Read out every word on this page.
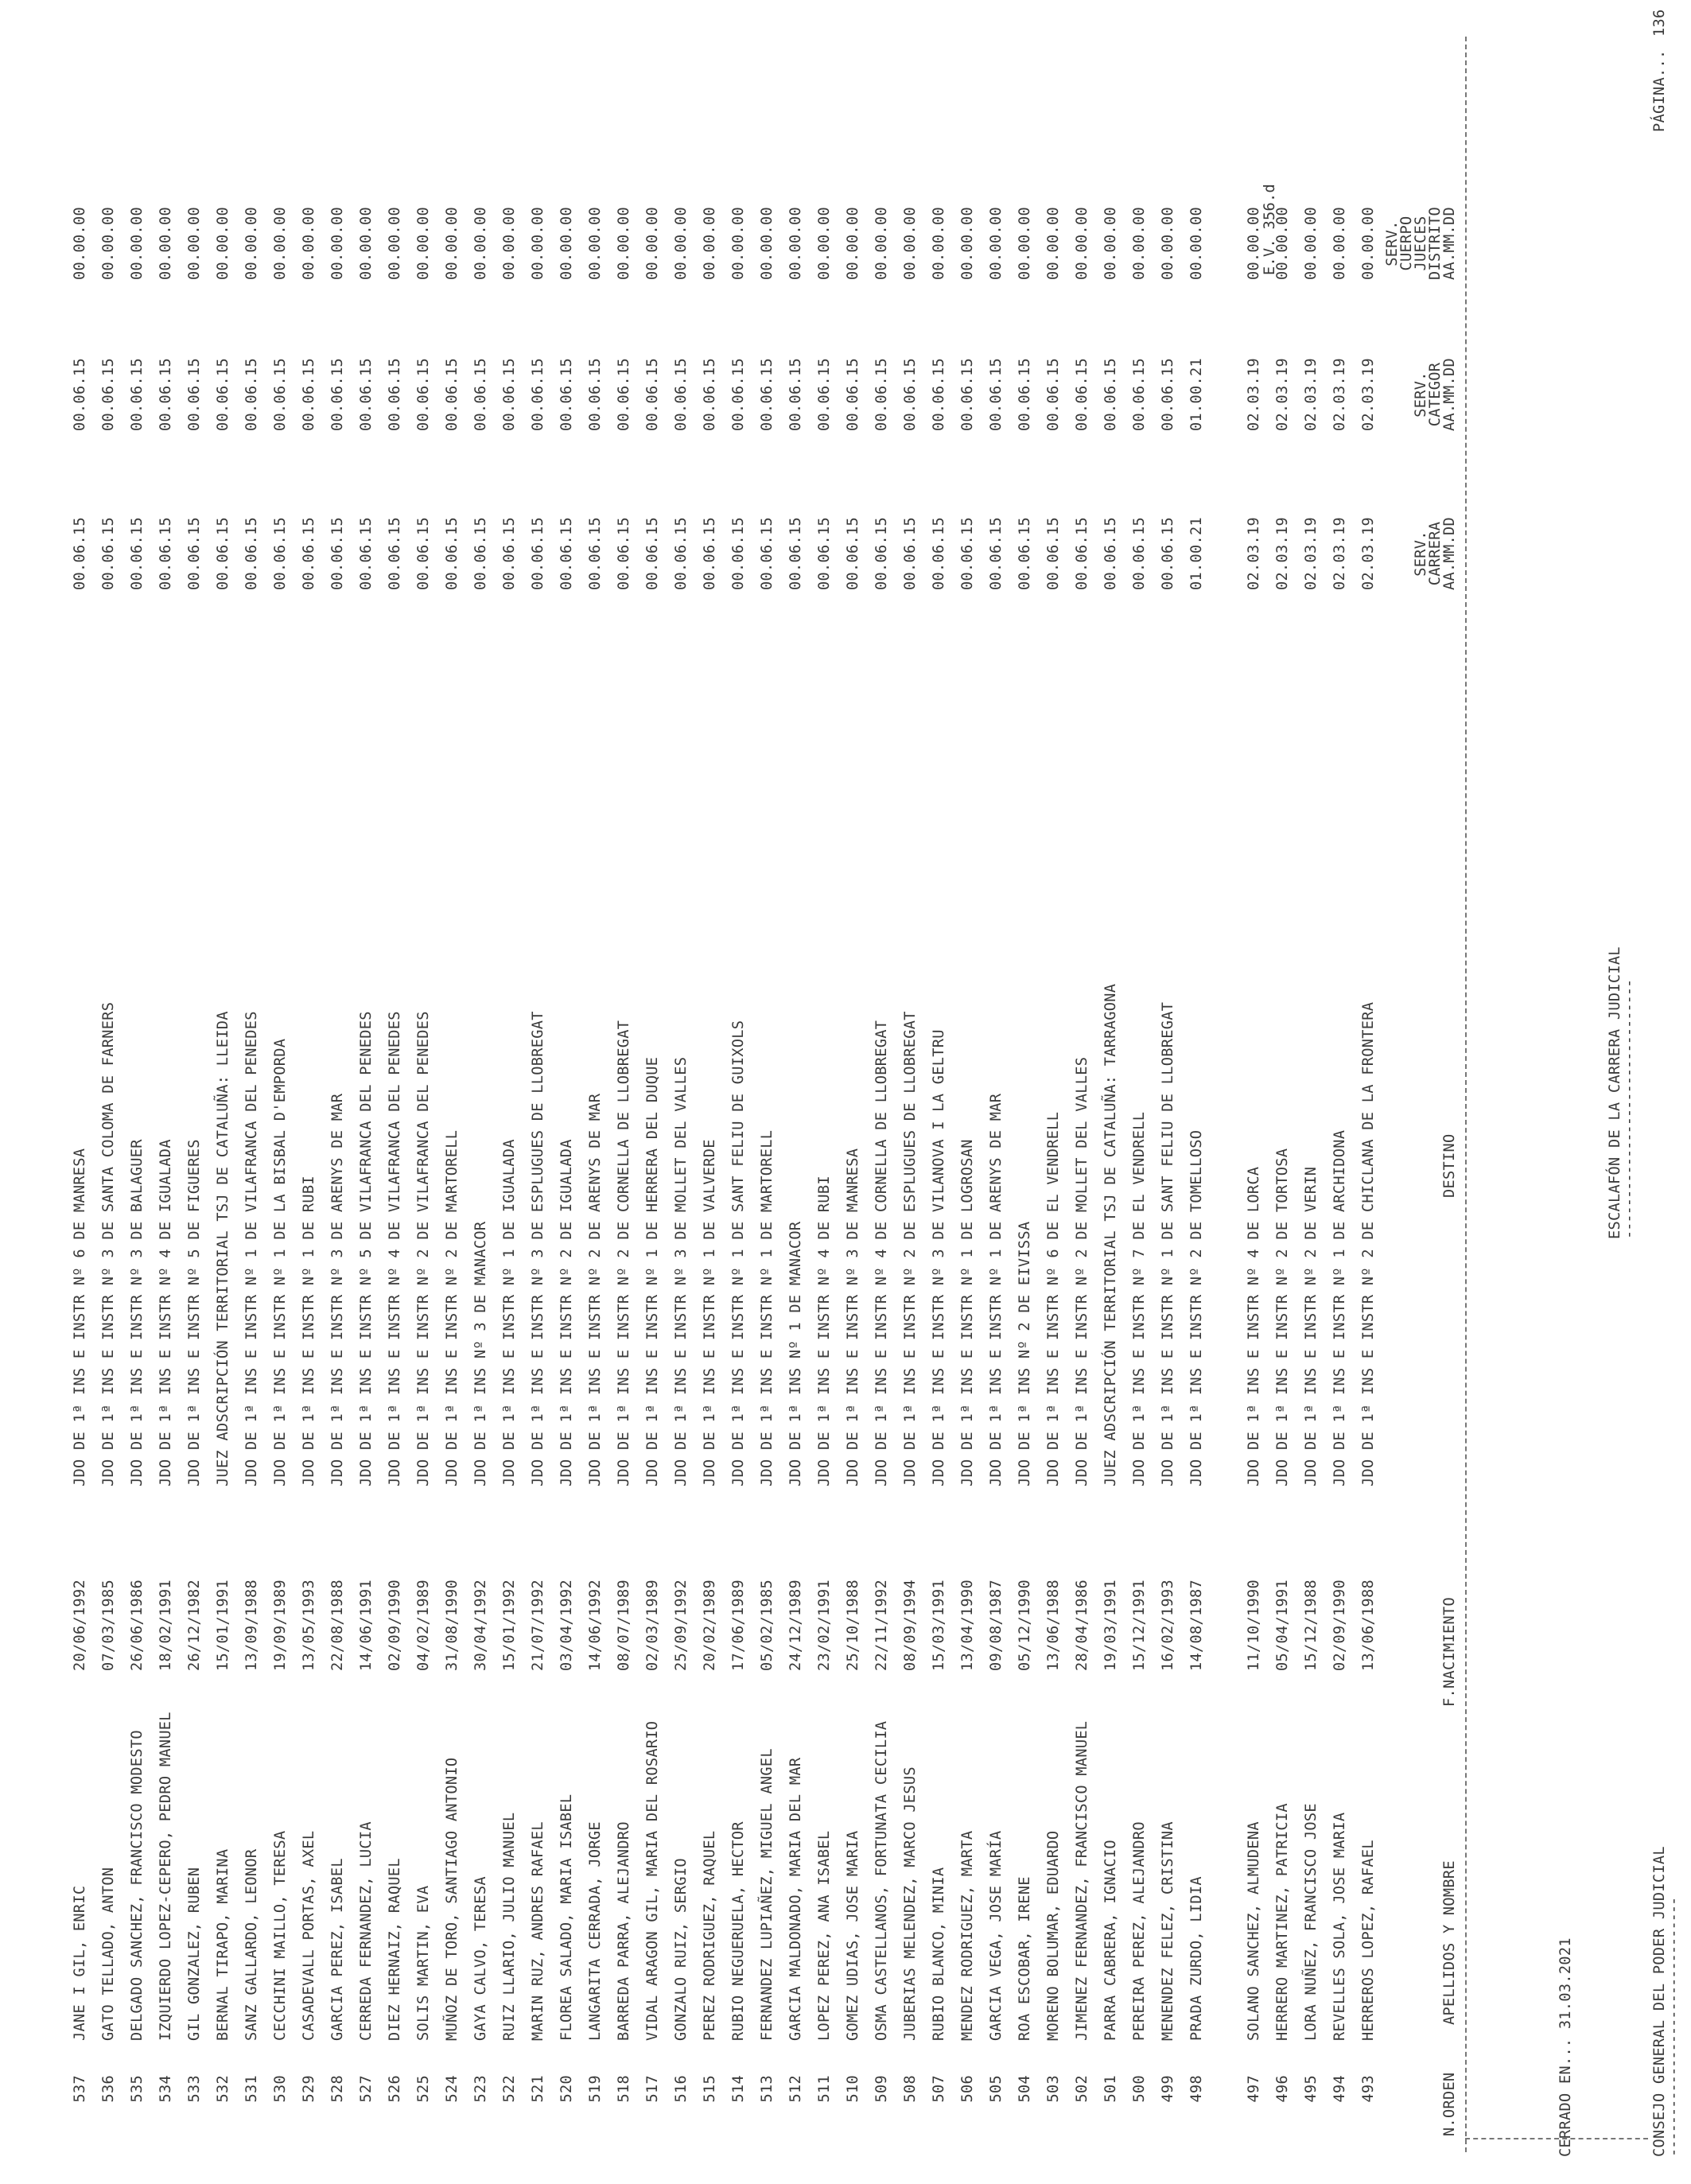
CONSEJO GENERAL DEL PODER JUDICIAL
--------------------------------
ESCALAFÓN DE LA CARRERA JUDICIAL
--------------------------------
PÁGINA...
136
CERRADO EN... 31.03.2021
N.ORDEN
APELLIDOS Y NOMBRE
F.NACIMIENTO
DESTINO
SERV.
CARRERA
AA.MM.DD
SERV.
CATEGOR
AA.MM.DD
SERV.
CUERPO
JUECES
DISTRITO
AA.MM.DD
493
HERREROS LOPEZ, RAFAEL
13/06/1988
JDO DE 1ª INS E INSTR Nº 2 DE CHICLANA DE LA FRONTERA
02.03.19
02.03.19
00.00.00
494
REVELLES SOLA, JOSE MARIA
02/09/1990
JDO DE 1ª INS E INSTR Nº 1 DE ARCHIDONA
02.03.19
02.03.19
00.00.00
495
LORA NUÑEZ, FRANCISCO JOSE
15/12/1988
JDO DE 1ª INS E INSTR Nº 2 DE VERIN
02.03.19
02.03.19
00.00.00
496
HERRERO MARTINEZ, PATRICIA
05/04/1991
JDO DE 1ª INS E INSTR Nº 2 DE TORTOSA
02.03.19
02.03.19
00.00.00
497
SOLANO SANCHEZ, ALMUDENA
11/10/1990
JDO DE 1ª INS E INSTR Nº 4 DE LORCA
02.03.19
02.03.19
00.00.00 E.V. 356.d
498
PRADA ZURDO, LIDIA
14/08/1987
JDO DE 1ª INS E INSTR Nº 2 DE TOMELLOSO
01.00.21
01.00.21
00.00.00
499
MENENDEZ FELEZ, CRISTINA
16/02/1993
JDO DE 1ª INS E INSTR Nº 1 DE SANT FELIU DE LLOBREGAT
00.06.15
00.06.15
00.00.00
500
PEREIRA PEREZ, ALEJANDRO
15/12/1991
JDO DE 1ª INS E INSTR Nº 7 DE EL VENDRELL
00.06.15
00.06.15
00.00.00
501
PARRA CABRERA, IGNACIO
19/03/1991
JUEZ ADSCRIPCIÓN TERRITORIAL TSJ DE CATALUÑA: TARRAGONA
00.06.15
00.06.15
00.00.00
502
JIMENEZ FERNANDEZ, FRANCISCO MANUEL
28/04/1986
JDO DE 1ª INS E INSTR Nº 2 DE MOLLET DEL VALLES
00.06.15
00.06.15
00.00.00
503
MORENO BOLUMAR, EDUARDO
13/06/1988
JDO DE 1ª INS E INSTR Nº 6 DE EL VENDRELL
00.06.15
00.06.15
00.00.00
504
ROA ESCOBAR, IRENE
05/12/1990
JDO DE 1ª INS Nº 2 DE EIVISSA
00.06.15
00.06.15
00.00.00
505
GARCIA VEGA, JOSE MARÍA
09/08/1987
JDO DE 1ª INS E INSTR Nº 1 DE ARENYS DE MAR
00.06.15
00.06.15
00.00.00
506
MENDEZ RODRIGUEZ, MARTA
13/04/1990
JDO DE 1ª INS E INSTR Nº 1 DE LOGROSAN
00.06.15
00.06.15
00.00.00
507
RUBIO BLANCO, MINIA
15/03/1991
JDO DE 1ª INS E INSTR Nº 3 DE VILANOVA I LA GELTRU
00.06.15
00.06.15
00.00.00
508
JUBERIAS MELENDEZ, MARCO JESUS
08/09/1994
JDO DE 1ª INS E INSTR Nº 2 DE ESPLUGUES DE LLOBREGAT
00.06.15
00.06.15
00.00.00
509
OSMA CASTELLANOS, FORTUNATA CECILIA
22/11/1992
JDO DE 1ª INS E INSTR Nº 4 DE CORNELLA DE LLOBREGAT
00.06.15
00.06.15
00.00.00
510
GOMEZ UDIAS, JOSE MARIA
25/10/1988
JDO DE 1ª INS E INSTR Nº 3 DE MANRESA
00.06.15
00.06.15
00.00.00
511
LOPEZ PEREZ, ANA ISABEL
23/02/1991
JDO DE 1ª INS E INSTR Nº 4 DE RUBI
00.06.15
00.06.15
00.00.00
512
GARCIA MALDONADO, MARIA DEL MAR
24/12/1989
JDO DE 1ª INS Nº 1 DE MANACOR
00.06.15
00.06.15
00.00.00
513
FERNANDEZ LUPIAÑEZ, MIGUEL ANGEL
05/02/1985
JDO DE 1ª INS E INSTR Nº 1 DE MARTORELL
00.06.15
00.06.15
00.00.00
514
RUBIO NEGUERUELA, HECTOR
17/06/1989
JDO DE 1ª INS E INSTR Nº 1 DE SANT FELIU DE GUIXOLS
00.06.15
00.06.15
00.00.00
515
PEREZ RODRIGUEZ, RAQUEL
20/02/1989
JDO DE 1ª INS E INSTR Nº 1 DE VALVERDE
00.06.15
00.06.15
00.00.00
516
GONZALO RUIZ, SERGIO
25/09/1992
JDO DE 1ª INS E INSTR Nº 3 DE MOLLET DEL VALLES
00.06.15
00.06.15
00.00.00
517
VIDAL ARAGON GIL, MARIA DEL ROSARIO
02/03/1989
JDO DE 1ª INS E INSTR Nº 1 DE HERRERA DEL DUQUE
00.06.15
00.06.15
00.00.00
518
BARREDA PARRA, ALEJANDRO
08/07/1989
JDO DE 1ª INS E INSTR Nº 2 DE CORNELLA DE LLOBREGAT
00.06.15
00.06.15
00.00.00
519
LANGARITA CERRADA, JORGE
14/06/1992
JDO DE 1ª INS E INSTR Nº 2 DE ARENYS DE MAR
00.06.15
00.06.15
00.00.00
520
FLOREA SALADO, MARIA ISABEL
03/04/1992
JDO DE 1ª INS E INSTR Nº 2 DE IGUALADA
00.06.15
00.06.15
00.00.00
521
MARIN RUZ, ANDRES RAFAEL
21/07/1992
JDO DE 1ª INS E INSTR Nº 3 DE ESPLUGUES DE LLOBREGAT
00.06.15
00.06.15
00.00.00
522
RUIZ LLARIO, JULIO MANUEL
15/01/1992
JDO DE 1ª INS E INSTR Nº 1 DE IGUALADA
00.06.15
00.06.15
00.00.00
523
GAYA CALVO, TERESA
30/04/1992
JDO DE 1ª INS Nº 3 DE MANACOR
00.06.15
00.06.15
00.00.00
524
MUÑOZ DE TORO, SANTIAGO ANTONIO
31/08/1990
JDO DE 1ª INS E INSTR Nº 2 DE MARTORELL
00.06.15
00.06.15
00.00.00
525
SOLIS MARTIN, EVA
04/02/1989
JDO DE 1ª INS E INSTR Nº 2 DE VILAFRANCA DEL PENEDES
00.06.15
00.06.15
00.00.00
526
DIEZ HERNAIZ, RAQUEL
02/09/1990
JDO DE 1ª INS E INSTR Nº 4 DE VILAFRANCA DEL PENEDES
00.06.15
00.06.15
00.00.00
527
CERREDA FERNANDEZ, LUCIA
14/06/1991
JDO DE 1ª INS E INSTR Nº 5 DE VILAFRANCA DEL PENEDES
00.06.15
00.06.15
00.00.00
528
GARCIA PEREZ, ISABEL
22/08/1988
JDO DE 1ª INS E INSTR Nº 3 DE ARENYS DE MAR
00.06.15
00.06.15
00.00.00
529
CASADEVALL PORTAS, AXEL
13/05/1993
JDO DE 1ª INS E INSTR Nº 1 DE RUBI
00.06.15
00.06.15
00.00.00
530
CECCHINI MAILLO, TERESA
19/09/1989
JDO DE 1ª INS E INSTR Nº 1 DE LA BISBAL D'EMPORDA
00.06.15
00.06.15
00.00.00
531
SANZ GALLARDO, LEONOR
13/09/1988
JDO DE 1ª INS E INSTR Nº 1 DE VILAFRANCA DEL PENEDES
00.06.15
00.06.15
00.00.00
532
BERNAL TIRAPO, MARINA
15/01/1991
JUEZ ADSCRIPCIÓN TERRITORIAL TSJ DE CATALUÑA: LLEIDA
00.06.15
00.06.15
00.00.00
533
GIL GONZALEZ, RUBEN
26/12/1982
JDO DE 1ª INS E INSTR Nº 5 DE FIGUERES
00.06.15
00.06.15
00.00.00
534
IZQUIERDO LOPEZ-CEPERO, PEDRO MANUEL
18/02/1991
JDO DE 1ª INS E INSTR Nº 4 DE IGUALADA
00.06.15
00.06.15
00.00.00
535
DELGADO SANCHEZ, FRANCISCO MODESTO
26/06/1986
JDO DE 1ª INS E INSTR Nº 3 DE BALAGUER
00.06.15
00.06.15
00.00.00
536
GATO TELLADO, ANTON
07/03/1985
JDO DE 1ª INS E INSTR Nº 3 DE SANTA COLOMA DE FARNERS
00.06.15
00.06.15
00.00.00
537
JANE I GIL, ENRIC
20/06/1992
JDO DE 1ª INS E INSTR Nº 6 DE MANRESA
00.06.15
00.06.15
00.00.00
